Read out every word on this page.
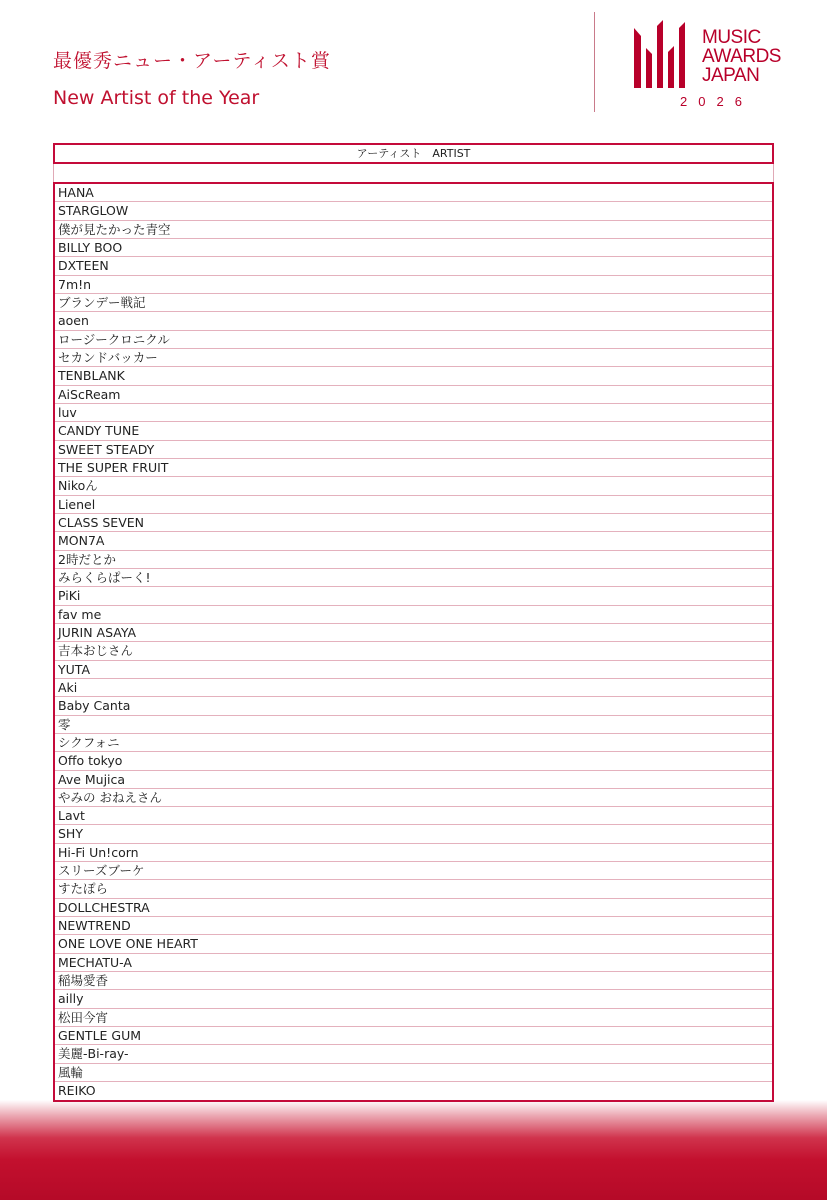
最優秀ニュー・アーティスト賞
New Artist of the Year
MUSIC
AWARDS
JAPAN
2026
アーティスト　ARTIST
HANA
STARGLOW
僕が見たかった青空
BILLY BOO
DXTEEN
7m!n
ブランデー戦記
aoen
ロージークロニクル
セカンドバッカー
TENBLANK
AiScReam
luv
CANDY TUNE
SWEET STEADY
THE SUPER FRUIT
Nikoん
Lienel
CLASS SEVEN
MON7A
2時だとか
みらくらぱーく!
PiKi
fav me
JURIN ASAYA
吉本おじさん
YUTA
Aki
Baby Canta
零
シクフォニ
Offo tokyo
Ave Mujica
やみの おねえさん
Lavt
SHY
Hi-Fi Un!corn
スリーズブーケ
すたぽら
DOLLCHESTRA
NEWTREND
ONE LOVE ONE HEART
MECHATU-A
稲場愛香
ailly
松田今宵
GENTLE GUM
美麗-Bi-ray-
風輪
REIKO
